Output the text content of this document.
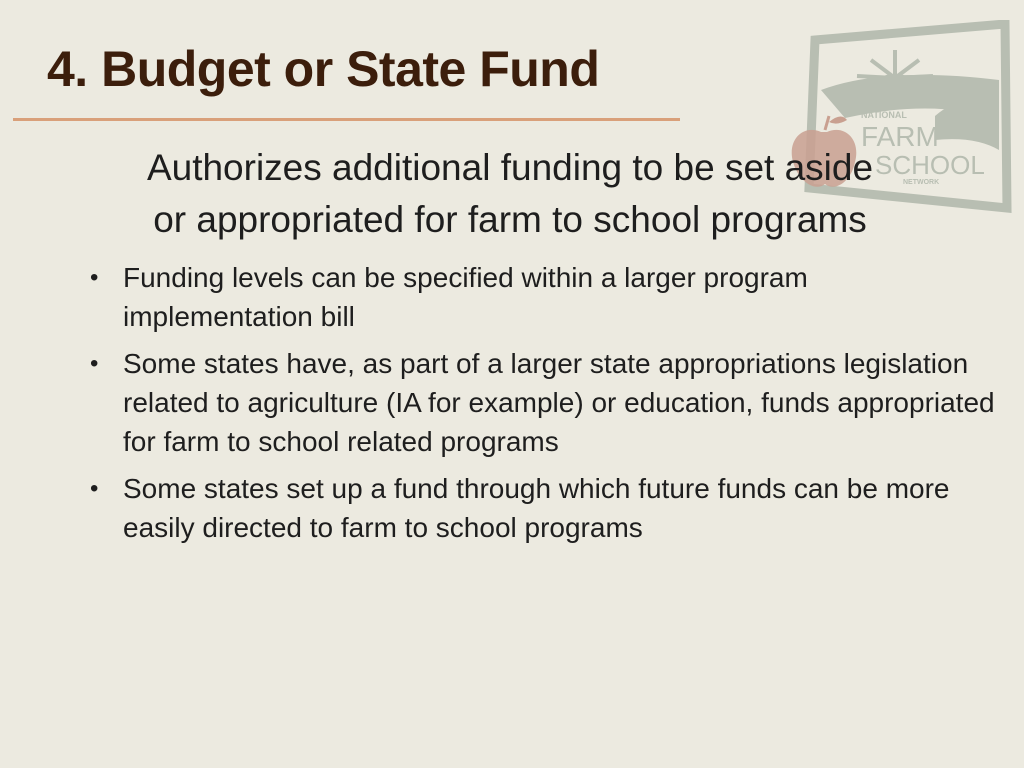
4. Budget or State Fund
NATIONAL
FARM
SCHOOL
NETWORK
Authorizes additional funding to be set aside
or appropriated for farm to school programs
• Funding levels can be specified within a larger program implementation bill
• Some states have, as part of a larger state appropriations legislation related to agriculture (IA for example) or education, funds appropriated for farm to school related programs
• Some states set up a fund through which future funds can be more easily directed to farm to school programs
